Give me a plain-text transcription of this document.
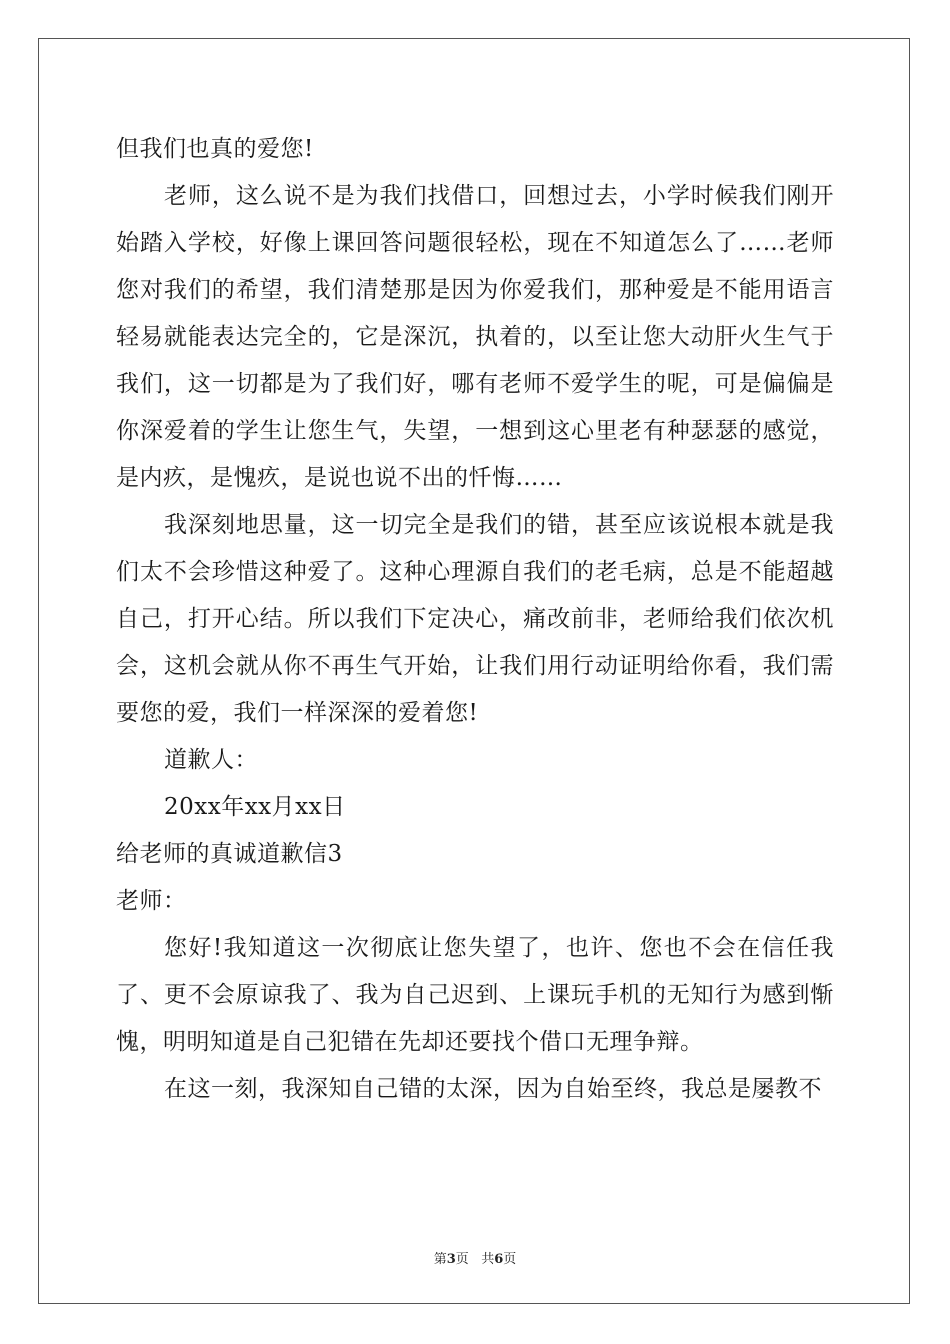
但我们也真的爱您!

老师，这么说不是为我们找借口，回想过去，小学时候我们刚开始踏入学校，好像上课回答问题很轻松，现在不知道怎么了……老师您对我们的希望，我们清楚那是因为你爱我们，那种爱是不能用语言轻易就能表达完全的，它是深沉，执着的，以至让您大动肝火生气于我们，这一切都是为了我们好，哪有老师不爱学生的呢，可是偏偏是你深爱着的学生让您生气，失望，一想到这心里老有种瑟瑟的感觉，是内疚，是愧疚，是说也说不出的忏悔……

我深刻地思量，这一切完全是我们的错，甚至应该说根本就是我们太不会珍惜这种爱了。这种心理源自我们的老毛病，总是不能超越自己，打开心结。所以我们下定决心，痛改前非，老师给我们依次机会，这机会就从你不再生气开始，让我们用行动证明给你看，我们需要您的爱，我们一样深深的爱着您!

道歉人：

20xx年xx月xx日

给老师的真诚道歉信3

老师：

您好!我知道这一次彻底让您失望了，也许、您也不会在信任我了、更不会原谅我了、我为自己迟到、上课玩手机的无知行为感到惭愧，明明知道是自己犯错在先却还要找个借口无理争辩。

在这一刻，我深知自己错的太深，因为自始至终，我总是屡教不

第3页 共6页
